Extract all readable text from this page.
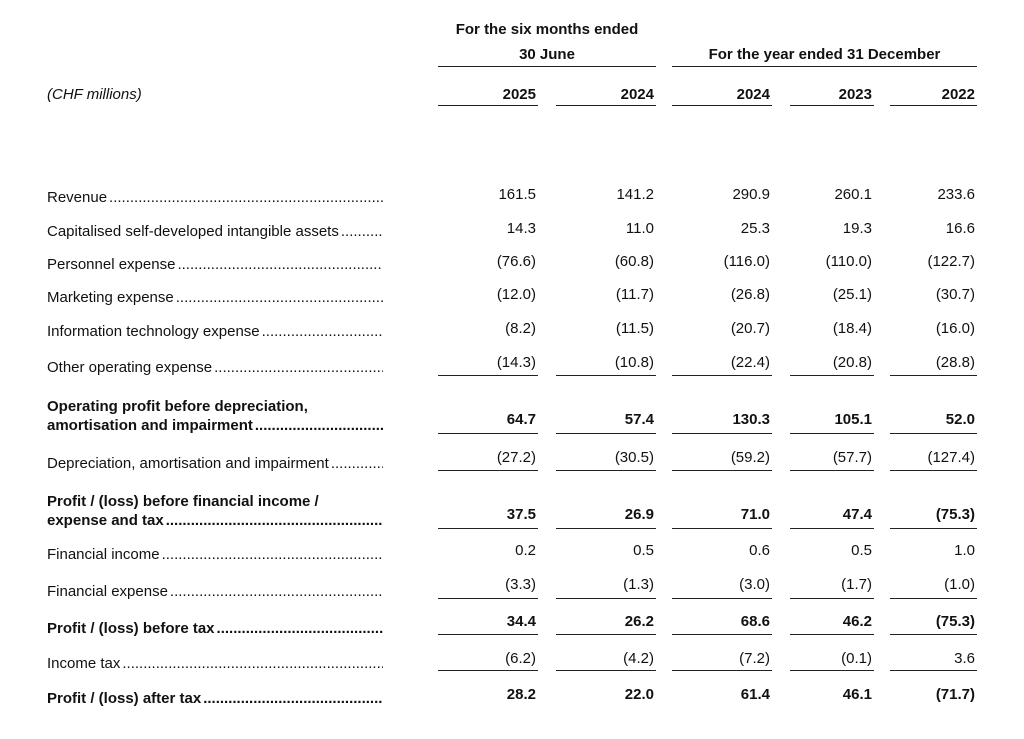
For the six months ended
30 June	For the year ended 31 December
(CHF millions)	2025	2024	2024	2023	2022
Revenue .....	161.5	141.2	290.9	260.1	233.6
Capitalised self-developed intangible assets .....	14.3	11.0	25.3	19.3	16.6
Personnel expense .....	(76.6)	(60.8)	(116.0)	(110.0)	(122.7)
Marketing expense .....	(12.0)	(11.7)	(26.8)	(25.1)	(30.7)
Information technology expense .....	(8.2)	(11.5)	(20.7)	(18.4)	(16.0)
Other operating expense .....	(14.3)	(10.8)	(22.4)	(20.8)	(28.8)
Operating profit before depreciation,
amortisation and impairment .....	64.7	57.4	130.3	105.1	52.0
Depreciation, amortisation and impairment .....	(27.2)	(30.5)	(59.2)	(57.7)	(127.4)
Profit / (loss) before financial income /
expense and tax .....	37.5	26.9	71.0	47.4	(75.3)
Financial income .....	0.2	0.5	0.6	0.5	1.0
Financial expense .....	(3.3)	(1.3)	(3.0)	(1.7)	(1.0)
Profit / (loss) before tax .....	34.4	26.2	68.6	46.2	(75.3)
Income tax .....	(6.2)	(4.2)	(7.2)	(0.1)	3.6
Profit / (loss) after tax .....	28.2	22.0	61.4	46.1	(71.7)
